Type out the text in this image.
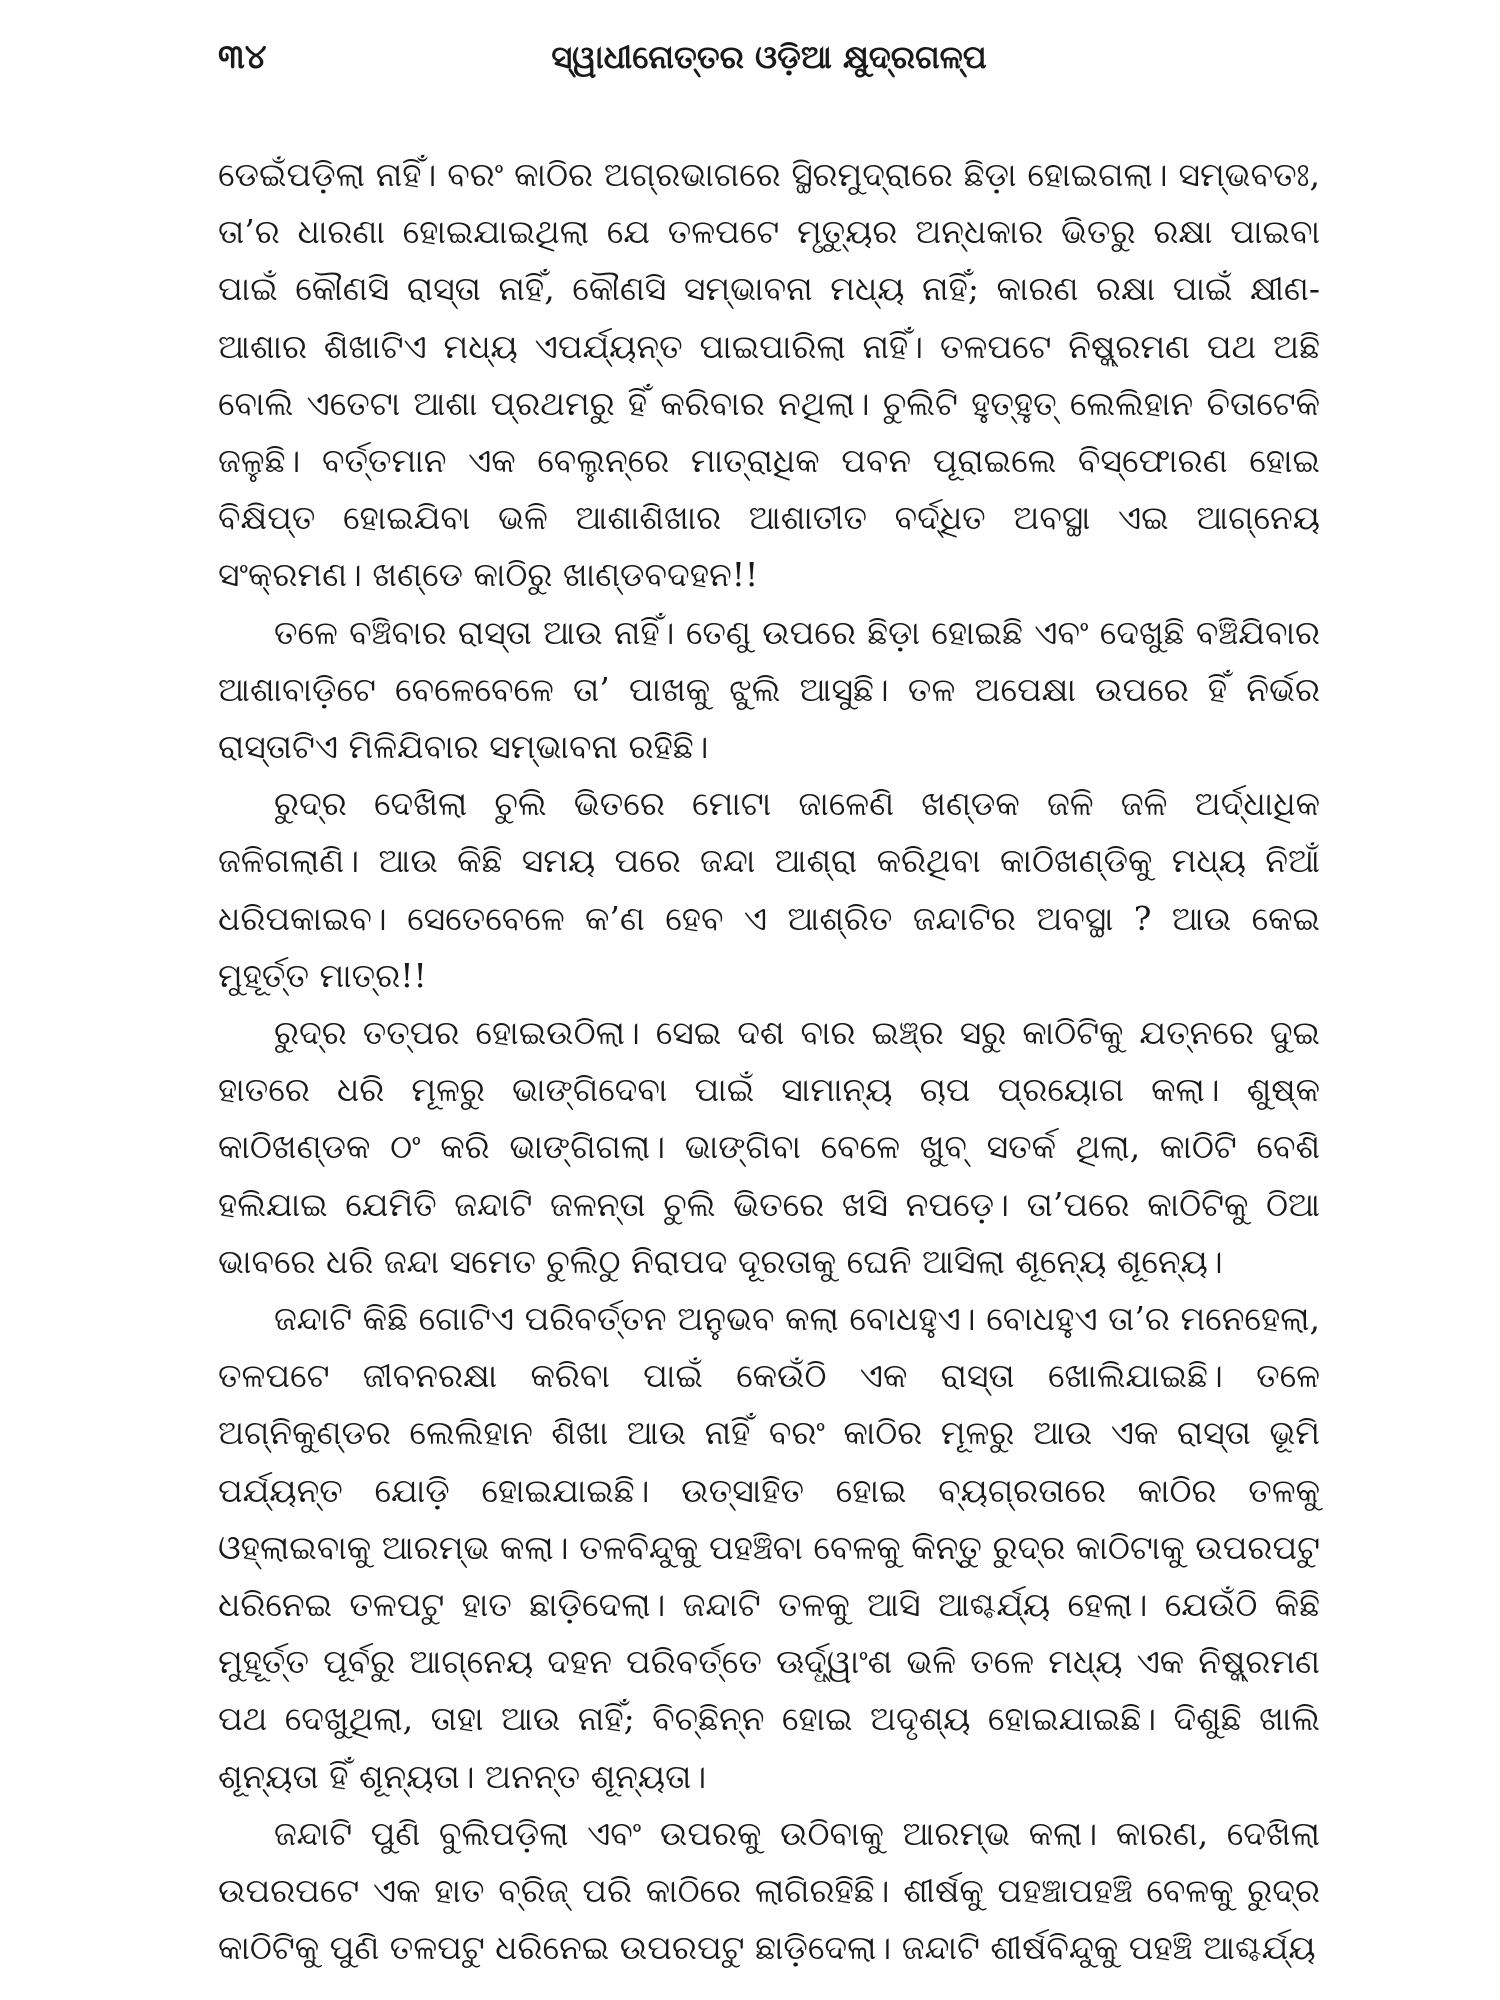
୩୪	ସ୍ୱାଧୀନୋତ୍ତର ଓଡ଼ିଆ କ୍ଷୁଦ୍ରଗଳ୍ପ

ଡେଇଁପଡ଼ିଲା ନାହିଁ। ବରଂ କାଠିର ଅଗ୍ରଭାଗରେ ସ୍ଥିରମୁଦ୍ରାରେ ଛିଡ଼ା ହୋଇଗଲା। ସମ୍ଭବତଃ, ତା’ର ଧାରଣା ହୋଇଯାଇଥିଲା ଯେ ତଳପଟେ ମୃତ୍ୟୁର ଅନ୍ଧକାର ଭିତରୁ ରକ୍ଷା ପାଇବା ପାଇଁ କୌଣସି ରାସ୍ତା ନାହିଁ, କୌଣସି ସମ୍ଭାବନା ମଧ୍ୟ ନାହିଁ; କାରଣ ରକ୍ଷା ପାଇଁ କ୍ଷୀଣ-ଆଶାର ଶିଖାଟିଏ ମଧ୍ୟ ଏପର୍ଯ୍ୟନ୍ତ ପାଇପାରିଲା ନାହିଁ। ତଳପଟେ ନିଷ୍କ୍ରମଣ ପଥ ଅଛି ବୋଲି ଏତେଟା ଆଶା ପ୍ରଥମରୁ ହିଁ କରିବାର ନଥିଲା। ଚୁଲିଟି ହୁତ୍‌ହୁତ୍ ଲେଲିହାନ ଚିତାଟେକି ଜଳୁଛି। ବର୍ତ୍ତମାନ ଏକ ବେଲୁନ୍‌ରେ ମାତ୍ରାଧିକ ପବନ ପୂରାଇଲେ ବିସ୍ଫୋରଣ ହୋଇ ବିକ୍ଷିପ୍ତ ହୋଇଯିବା ଭଳି ଆଶାଶିଖାର ଆଶାତୀତ ବର୍ଦ୍ଧିତ ଅବସ୍ଥା ଏଇ ଆଗ୍ନେୟ ସଂକ୍ରମଣ। ଖଣ୍ଡେ କାଠିରୁ ଖାଣ୍ଡବଦହନ!!

ତଳେ ବଞ୍ଚିବାର ରାସ୍ତା ଆଉ ନାହିଁ। ତେଣୁ ଉପରେ ଛିଡ଼ା ହୋଇଛି ଏବଂ ଦେଖୁଛି ବଞ୍ଚିଯିବାର ଆଶାବାଡ଼ିଟେ ବେଳେବେଳେ ତା’ ପାଖକୁ ଝୁଲି ଆସୁଛି। ତଳ ଅପେକ୍ଷା ଉପରେ ହିଁ ନିର୍ଭର ରାସ୍ତାଟିଏ ମିଳିଯିବାର ସମ୍ଭାବନା ରହିଛି।

ରୁଦ୍ର ଦେଖିଲା ଚୁଲି ଭିତରେ ମୋଟା ଜାଳେଣି ଖଣ୍ଡକ ଜଳି ଜଳି ଅର୍ଦ୍ଧାଧିକ ଜଳିଗଲାଣି। ଆଉ କିଛି ସମୟ ପରେ ଜନ୍ଦା ଆଶ୍ରା କରିଥିବା କାଠିଖଣ୍ଡିକୁ ମଧ୍ୟ ନିଆଁ ଧରିପକାଇବ। ସେତେବେଳେ କ’ଣ ହେବ ଏ ଆଶ୍ରିତ ଜନ୍ଦାଟିର ଅବସ୍ଥା ? ଆଉ କେଇ ମୁହୂର୍ତ୍ତ ମାତ୍ର!!

ରୁଦ୍ର ତତ୍ପର ହୋଇଉଠିଲା। ସେଇ ଦଶ ବାର ଇଞ୍ଚ୍‌ର ସରୁ କାଠିଟିକୁ ଯତ୍ନରେ ଦୁଇ ହାତରେ ଧରି ମୂଳରୁ ଭାଙ୍ଗିଦେବା ପାଇଁ ସାମାନ୍ୟ ଚାପ ପ୍ରୟୋଗ କଲା। ଶୁଷ୍କ କାଠିଖଣ୍ଡକ ଠଂ କରି ଭାଙ୍ଗିଗଲା। ଭାଙ୍ଗିବା ବେଳେ ଖୁବ୍ ସତର୍କ ଥିଲା, କାଠିଟି ବେଶି ହଲିଯାଇ ଯେମିତି ଜନ୍ଦାଟି ଜଳନ୍ତା ଚୁଲି ଭିତରେ ଖସି ନପଡ଼େ। ତା’ପରେ କାଠିଟିକୁ ଠିଆ ଭାବରେ ଧରି ଜନ୍ଦା ସମେତ ଚୁଲିଠୁ ନିରାପଦ ଦୂରତାକୁ ଘେନି ଆସିଲା ଶୂନ୍ୟେ ଶୂନ୍ୟେ।

ଜନ୍ଦାଟି କିଛି ଗୋଟିଏ ପରିବର୍ତ୍ତନ ଅନୁଭବ କଲା ବୋଧହୁଏ। ବୋଧହୁଏ ତା’ର ମନେହେଲା, ତଳପଟେ ଜୀବନରକ୍ଷା କରିବା ପାଇଁ କେଉଁଠି ଏକ ରାସ୍ତା ଖୋଲିଯାଇଛି। ତଳେ ଅଗ୍ନିକୁଣ୍ଡର ଲେଲିହାନ ଶିଖା ଆଉ ନାହିଁ ବରଂ କାଠିର ମୂଳରୁ ଆଉ ଏକ ରାସ୍ତା ଭୂମି ପର୍ଯ୍ୟନ୍ତ ଯୋଡ଼ି ହୋଇଯାଇଛି। ଉତ୍ସାହିତ ହୋଇ ବ୍ୟଗ୍ରତାରେ କାଠିର ତଳକୁ ଓହ୍ଲାଇବାକୁ ଆରମ୍ଭ କଲା। ତଳବିନ୍ଦୁକୁ ପହଞ୍ଚିବା ବେଳକୁ କିନ୍ତୁ ରୁଦ୍ର କାଠିଟାକୁ ଉପରପଟୁ ଧରିନେଇ ତଳପଟୁ ହାତ ଛାଡ଼ିଦେଲା। ଜନ୍ଦାଟି ତଳକୁ ଆସି ଆଶ୍ଚର୍ଯ୍ୟ ହେଲା। ଯେଉଁଠି କିଛି ମୁହୂର୍ତ୍ତ ପୂର୍ବରୁ ଆଗ୍ନେୟ ଦହନ ପରିବର୍ତ୍ତେ ଊର୍ଦ୍ଧ୍ୱାଂଶ ଭଳି ତଳେ ମଧ୍ୟ ଏକ ନିଷ୍କ୍ରମଣ ପଥ ଦେଖୁଥିଲା, ତାହା ଆଉ ନାହିଁ; ବିଚ୍ଛିନ୍ନ ହୋଇ ଅଦୃଶ୍ୟ ହୋଇଯାଇଛି। ଦିଶୁଛି ଖାଲି ଶୂନ୍ୟତା ହିଁ ଶୂନ୍ୟତା। ଅନନ୍ତ ଶୂନ୍ୟତା।

ଜନ୍ଦାଟି ପୁଣି ବୁଲିପଡ଼ିଲା ଏବଂ ଉପରକୁ ଉଠିବାକୁ ଆରମ୍ଭ କଲା। କାରଣ, ଦେଖିଲା ଉପରପଟେ ଏକ ହାତ ବ୍ରିଜ୍ ପରି କାଠିରେ ଲାଗିରହିଛି। ଶୀର୍ଷକୁ ପହଞ୍ଚାପହଞ୍ଚି ବେଳକୁ ରୁଦ୍ର କାଠିଟିକୁ ପୁଣି ତଳପଟୁ ଧରିନେଇ ଉପରପଟୁ ଛାଡ଼ିଦେଲା। ଜନ୍ଦାଟି ଶୀର୍ଷବିନ୍ଦୁକୁ ପହଞ୍ଚି ଆଶ୍ଚର୍ଯ୍ୟ
